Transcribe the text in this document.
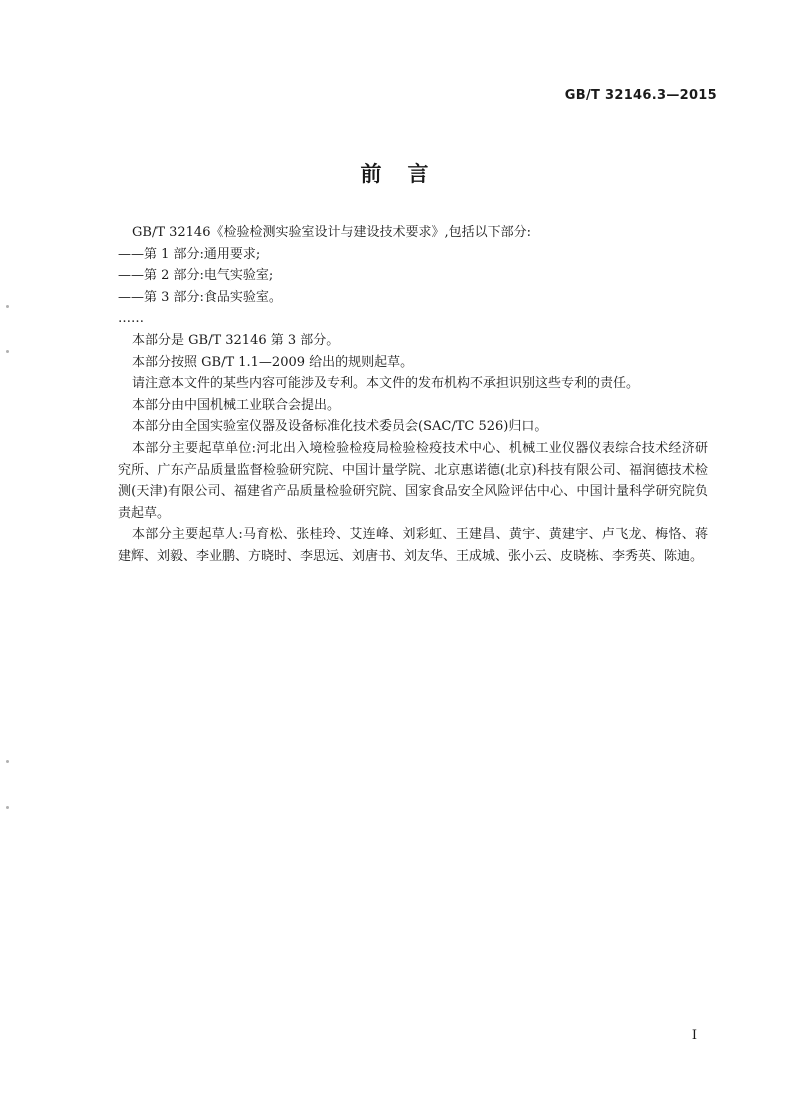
GB/T 32146.3—2015
前言
GB/T 32146《检验检测实验室设计与建设技术要求》,包括以下部分:
——第 1 部分:通用要求;
——第 2 部分:电气实验室;
——第 3 部分:食品实验室。
……
本部分是 GB/T 32146 第 3 部分。
本部分按照 GB/T 1.1—2009 给出的规则起草。
请注意本文件的某些内容可能涉及专利。本文件的发布机构不承担识别这些专利的责任。
本部分由中国机械工业联合会提出。
本部分由全国实验室仪器及设备标准化技术委员会(SAC/TC 526)归口。
本部分主要起草单位:河北出入境检验检疫局检验检疫技术中心、机械工业仪器仪表综合技术经济研究所、广东产品质量监督检验研究院、中国计量学院、北京惠诺德(北京)科技有限公司、福润德技术检测(天津)有限公司、福建省产品质量检验研究院、国家食品安全风险评估中心、中国计量科学研究院负责起草。
本部分主要起草人:马育松、张桂玲、艾连峰、刘彩虹、王建昌、黄宇、黄建宇、卢飞龙、梅恪、蒋建辉、刘毅、李业鹏、方晓时、李思远、刘唐书、刘友华、王成城、张小云、皮晓栋、李秀英、陈迪。
I
